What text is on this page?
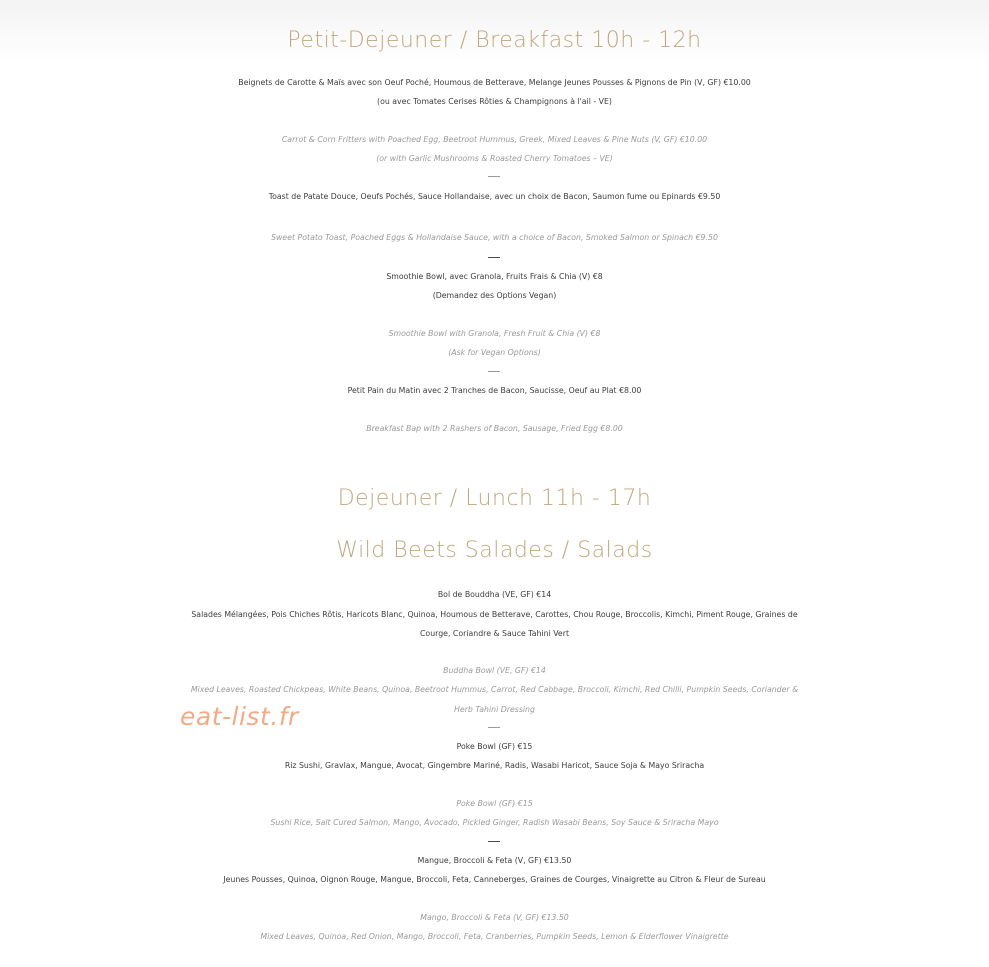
Petit-Dejeuner / Breakfast 10h - 12h
Beignets de Carotte & Maïs avec son Oeuf Poché, Houmous de Betterave, Melange Jeunes Pousses & Pignons de Pin (V, GF) €10.00
(ou avec Tomates Cerises Rôties & Champignons à l'ail - VE)
Carrot & Corn Fritters with Poached Egg, Beetroot Hummus, Greek, Mixed Leaves & Pine Nuts (V, GF) €10.00
(or with Garlic Mushrooms & Roasted Cherry Tomatoes – VE)
Toast de Patate Douce, Oeufs Pochés, Sauce Hollandaise, avec un choix de Bacon, Saumon fume ou Epinards €9.50
Sweet Potato Toast, Poached Eggs & Hollandaise Sauce, with a choice of Bacon, Smoked Salmon or Spinach €9.50
Smoothie Bowl, avec Granola, Fruits Frais & Chia (V) €8
(Demandez des Options Vegan)
Smoothie Bowl with Granola, Fresh Fruit & Chia (V) €8
(Ask for Vegan Options)
Petit Pain du Matin avec 2 Tranches de Bacon, Saucisse, Oeuf au Plat €8.00
Breakfast Bap with 2 Rashers of Bacon, Sausage, Fried Egg €8.00
Dejeuner / Lunch 11h - 17h
Wild Beets Salades / Salads
Bol de Bouddha (VE, GF) €14
Salades Mélangées, Pois Chiches Rôtis, Haricots Blanc, Quinoa, Houmous de Betterave, Carottes, Chou Rouge, Broccolis, Kimchi, Piment Rouge, Graines de
Courge, Coriandre & Sauce Tahini Vert
Buddha Bowl (VE, GF) €14
Mixed Leaves, Roasted Chickpeas, White Beans, Quinoa, Beetroot Hummus, Carrot, Red Cabbage, Broccoli, Kimchi, Red Chilli, Pumpkin Seeds, Coriander &
Herb Tahini Dressing
Poke Bowl (GF) €15
Riz Sushi, Gravlax, Mangue, Avocat, Gingembre Mariné, Radis, Wasabi Haricot, Sauce Soja & Mayo Sriracha
Poke Bowl (GF) €15
Sushi Rice, Salt Cured Salmon, Mango, Avocado, Pickled Ginger, Radish Wasabi Beans, Soy Sauce & Sriracha Mayo
Mangue, Broccoli & Feta (V, GF) €13.50
Jeunes Pousses, Quinoa, Oignon Rouge, Mangue, Broccoli, Feta, Canneberges, Graines de Courges, Vinaigrette au Citron & Fleur de Sureau
Mango, Broccoli & Feta (V, GF) €13.50
Mixed Leaves, Quinoa, Red Onion, Mango, Broccoli, Feta, Cranberries, Pumpkin Seeds, Lemon & Elderflower Vinaigrette
eat-list.fr
